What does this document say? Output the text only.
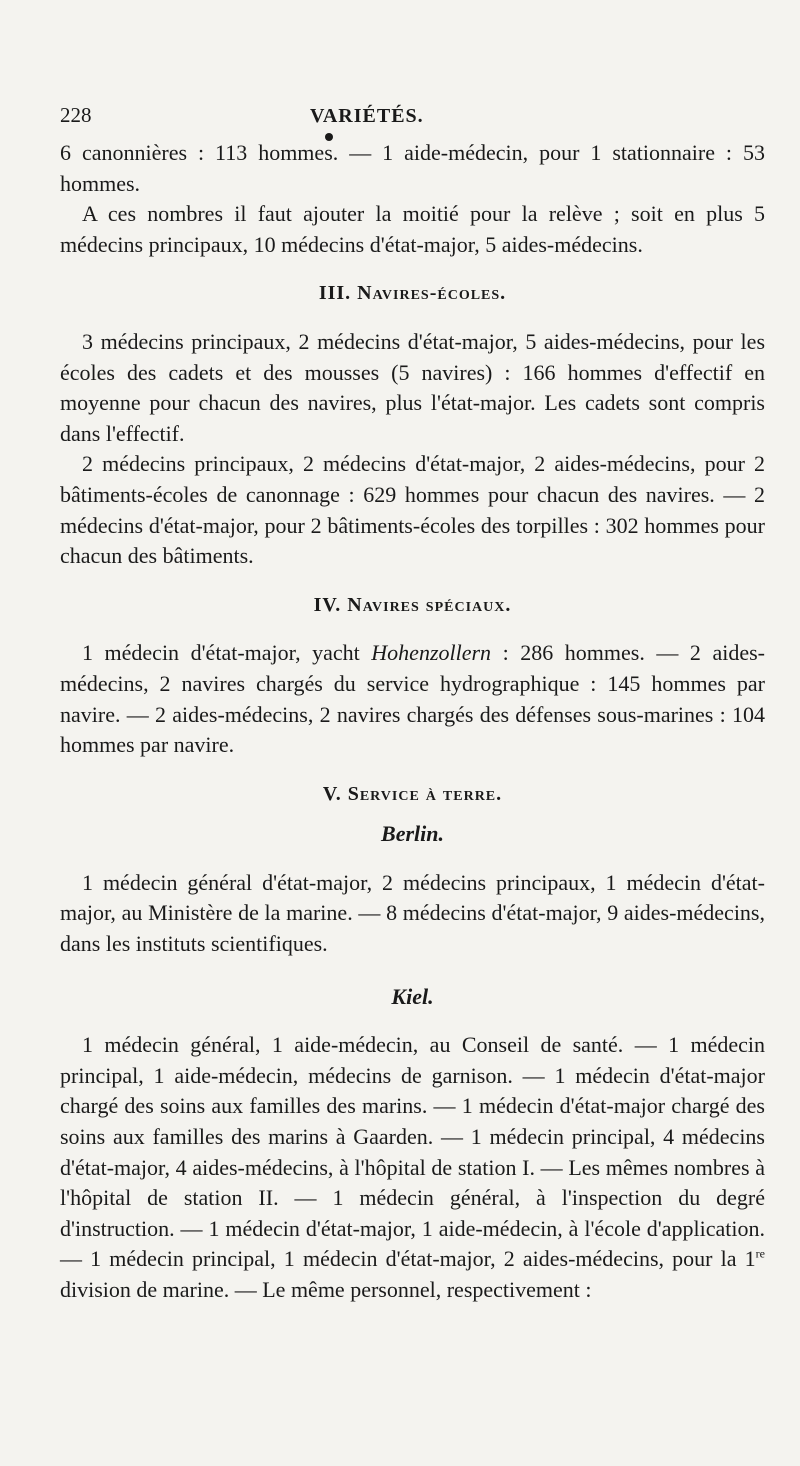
228	VARIÉTÉS.

6 canonnières : 113 hommes. — 1 aide-médecin, pour 1 stationnaire : 53 hommes.

A ces nombres il faut ajouter la moitié pour la relève ; soit en plus 5 médecins principaux, 10 médecins d'état-major, 5 aides-médecins.

III. Navires-écoles.

3 médecins principaux, 2 médecins d'état-major, 5 aides-médecins, pour les écoles des cadets et des mousses (5 navires) : 166 hommes d'effectif en moyenne pour chacun des navires, plus l'état-major. Les cadets sont compris dans l'effectif.

2 médecins principaux, 2 médecins d'état-major, 2 aides-médecins, pour 2 bâtiments-écoles de canonnage : 629 hommes pour chacun des navires. — 2 médecins d'état-major, pour 2 bâtiments-écoles des torpilles : 302 hommes pour chacun des bâtiments.

IV. Navires spéciaux.

1 médecin d'état-major, yacht Hohenzollern : 286 hommes. — 2 aides-médecins, 2 navires chargés du service hydrographique : 145 hommes par navire. — 2 aides-médecins, 2 navires chargés des défenses sous-marines : 104 hommes par navire.

V. Service à terre.
Berlin.

1 médecin général d'état-major, 2 médecins principaux, 1 médecin d'état-major, au Ministère de la marine. — 8 médecins d'état-major, 9 aides-médecins, dans les instituts scientifiques.

Kiel.

1 médecin général, 1 aide-médecin, au Conseil de santé. — 1 médecin principal, 1 aide-médecin, médecins de garnison. — 1 médecin d'état-major chargé des soins aux familles des marins. — 1 médecin d'état-major chargé des soins aux familles des marins à Gaarden. — 1 médecin principal, 4 médecins d'état-major, 4 aides-médecins, à l'hôpital de station I. — Les mêmes nombres à l'hôpital de station II. — 1 médecin général, à l'inspection du degré d'instruction. — 1 médecin d'état-major, 1 aide-médecin, à l'école d'application. — 1 médecin principal, 1 médecin d'état-major, 2 aides-médecins, pour la 1re division de marine. — Le même personnel, respectivement :
